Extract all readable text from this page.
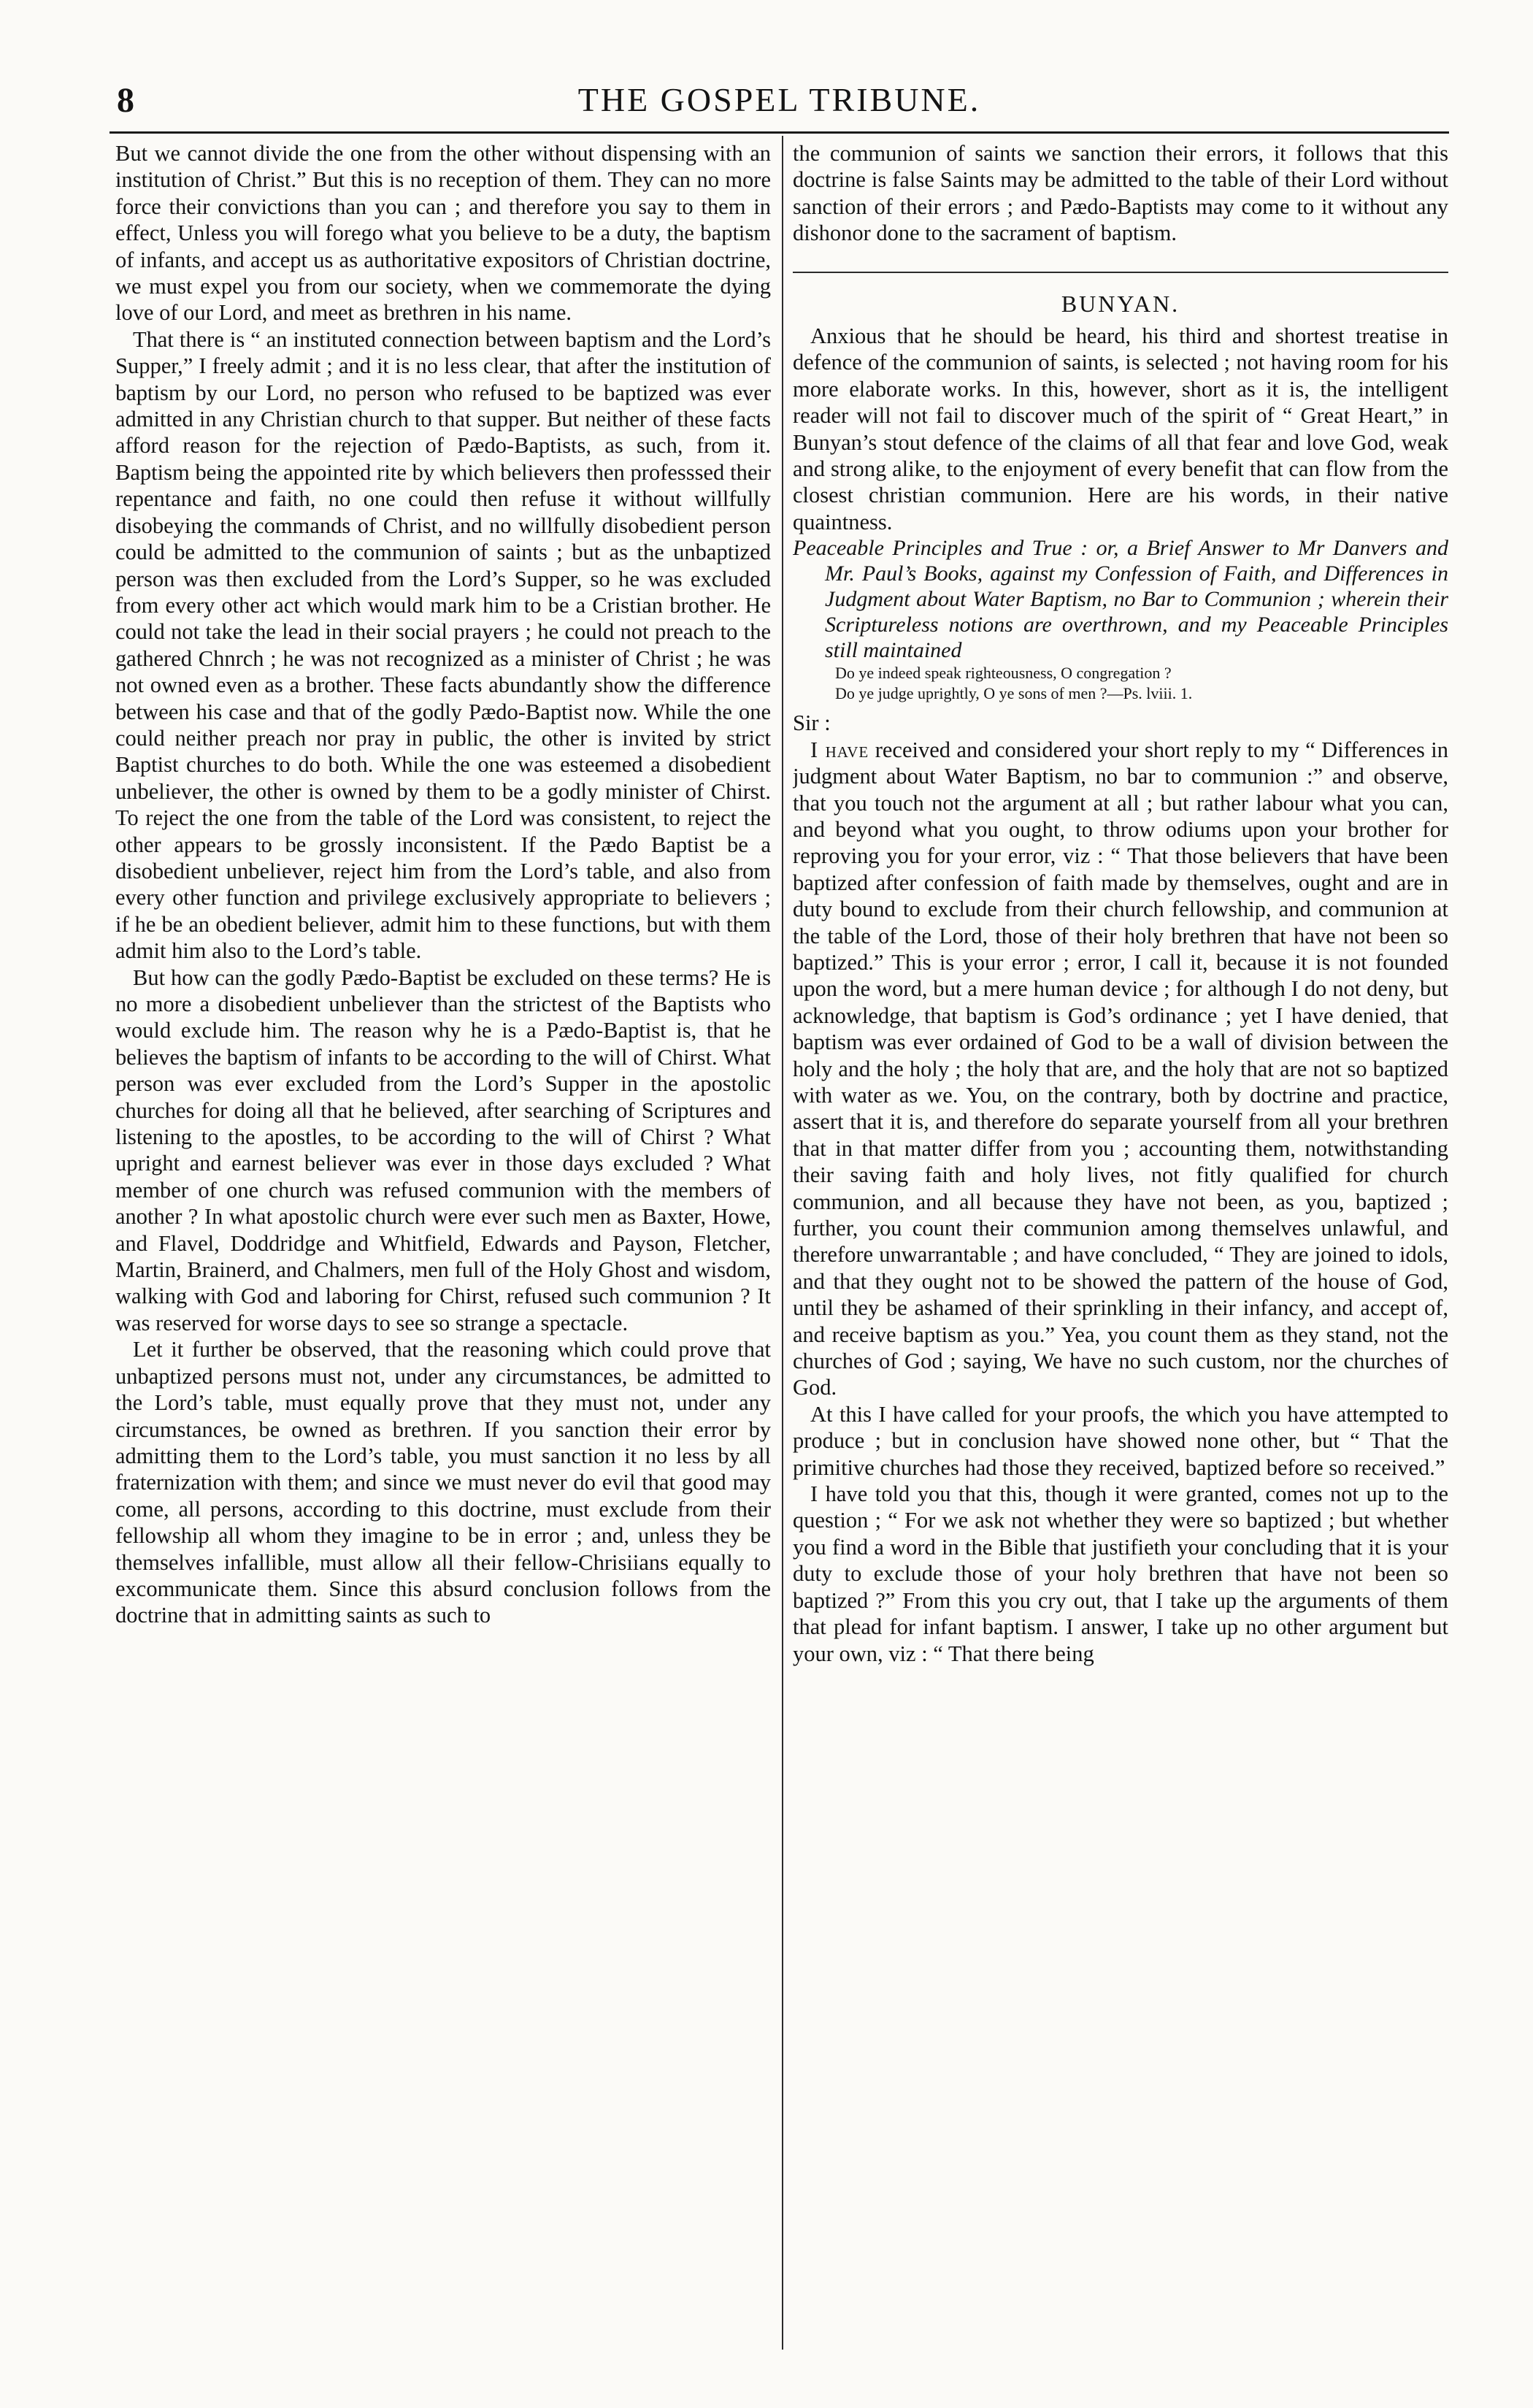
8	THE GOSPEL TRIBUNE.

But we cannot divide the one from the other without dispensing with an institution of Christ.” But this is no reception of them. They can no more force their convictions than you can ; and therefore you say to them in effect, Unless you will forego what you believe to be a duty, the baptism of infants, and accept us as authoritative expositors of Christian doctrine, we must expel you from our society, when we commemorate the dying love of our Lord, and meet as brethren in his name.

That there is “ an instituted connection between baptism and the Lord’s Supper,” I freely admit ; and it is no less clear, that after the institution of baptism by our Lord, no person who refused to be baptized was ever admitted in any Christian church to that supper. But neither of these facts afford reason for the rejection of Pædo-Baptists, as such, from it. Baptism being the appointed rite by which believers then professsed their repentance and faith, no one could then refuse it without willfully disobeying the commands of Christ, and no willfully disobedient person could be admitted to the communion of saints ; but as the unbaptized person was then excluded from the Lord’s Supper, so he was excluded from every other act which would mark him to be a Cristian brother. He could not take the lead in their social prayers ; he could not preach to the gathered Chnrch ; he was not recognized as a minister of Christ ; he was not owned even as a brother. These facts abundantly show the difference between his case and that of the godly Pædo-Baptist now. While the one could neither preach nor pray in public, the other is invited by strict Baptist churches to do both. While the one was esteemed a disobedient unbeliever, the other is owned by them to be a godly minister of Chirst. To reject the one from the table of the Lord was consistent, to reject the other appears to be grossly inconsistent. If the Pædo Baptist be a disobedient unbeliever, reject him from the Lord’s table, and also from every other function and privilege exclusively appropriate to believers ; if he be an obedient believer, admit him to these functions, but with them admit him also to the Lord’s table.

But how can the godly Pædo-Baptist be excluded on these terms? He is no more a disobedient unbeliever than the strictest of the Baptists who would exclude him. The reason why he is a Pædo-Baptist is, that he believes the baptism of infants to be according to the will of Chirst. What person was ever excluded from the Lord’s Supper in the apostolic churches for doing all that he believed, after searching of Scriptures and listening to the apostles, to be according to the will of Chirst ? What upright and earnest believer was ever in those days excluded ? What member of one church was refused communion with the members of another ? In what apostolic church were ever such men as Baxter, Howe, and Flavel, Doddridge and Whitfield, Edwards and Payson, Fletcher, Martin, Brainerd, and Chalmers, men full of the Holy Ghost and wisdom, walking with God and laboring for Chirst, refused such communion ? It was reserved for worse days to see so strange a spectacle.

Let it further be observed, that the reasoning which could prove that unbaptized persons must not, under any circumstances, be admitted to the Lord’s table, must equally prove that they must not, under any circumstances, be owned as brethren. If you sanction their error by admitting them to the Lord’s table, you must sanction it no less by all fraternization with them; and since we must never do evil that good may come, all persons, according to this doctrine, must exclude from their fellowship all whom they imagine to be in error ; and, unless they be themselves infallible, must allow all their fellow-Chrisiians equally to excommunicate them. Since this absurd conclusion follows from the doctrine that in admitting saints as such to

the communion of saints we sanction their errors, it follows that this doctrine is false Saints may be admitted to the table of their Lord without sanction of their errors ; and Pædo-Baptists may come to it without any dishonor done to the sacrament of baptism.

BUNYAN.

Anxious that he should be heard, his third and shortest treatise in defence of the communion of saints, is selected ; not having room for his more elaborate works. In this, however, short as it is, the intelligent reader will not fail to discover much of the spirit of “ Great Heart,” in Bunyan’s stout defence of the claims of all that fear and love God, weak and strong alike, to the enjoyment of every benefit that can flow from the closest christian communion. Here are his words, in their native quaintness.

Peaceable Principles and True : or, a Brief Answer to Mr Danvers and Mr. Paul’s Books, against my Confession of Faith, and Differences in Judgment about Water Baptism, no Bar to Communion ; wherein their Scriptureless notions are overthrown, and my Peaceable Principles still maintained

Do ye indeed speak righteousness, O congregation ?

Do ye judge uprightly, O ye sons of men ?—Ps. lviii. 1.

Sir :

I have received and considered your short reply to my “ Differences in judgment about Water Baptism, no bar to communion :” and observe, that you touch not the argument at all ; but rather labour what you can, and beyond what you ought, to throw odiums upon your brother for reproving you for your error, viz : “ That those believers that have been baptized after confession of faith made by themselves, ought and are in duty bound to exclude from their church fellowship, and communion at the table of the Lord, those of their holy brethren that have not been so baptized.” This is your error ; error, I call it, because it is not founded upon the word, but a mere human device ; for although I do not deny, but acknowledge, that baptism is God’s ordinance ; yet I have denied, that baptism was ever ordained of God to be a wall of division between the holy and the holy ; the holy that are, and the holy that are not so baptized with water as we. You, on the contrary, both by doctrine and practice, assert that it is, and therefore do separate yourself from all your brethren that in that matter differ from you ; accounting them, notwithstanding their saving faith and holy lives, not fitly qualified for church communion, and all because they have not been, as you, baptized ; further, you count their communion among themselves unlawful, and therefore unwarrantable ; and have concluded, “ They are joined to idols, and that they ought not to be showed the pattern of the house of God, until they be ashamed of their sprinkling in their infancy, and accept of, and receive baptism as you.” Yea, you count them as they stand, not the churches of God ; saying, We have no such custom, nor the churches of God.

At this I have called for your proofs, the which you have attempted to produce ; but in conclusion have showed none other, but “ That the primitive churches had those they received, baptized before so received.”

I have told you that this, though it were granted, comes not up to the question ; “ For we ask not whether they were so baptized ; but whether you find a word in the Bible that justifieth your concluding that it is your duty to exclude those of your holy brethren that have not been so baptized ?” From this you cry out, that I take up the arguments of them that plead for infant baptism. I answer, I take up no other argument but your own, viz : “ That there being
